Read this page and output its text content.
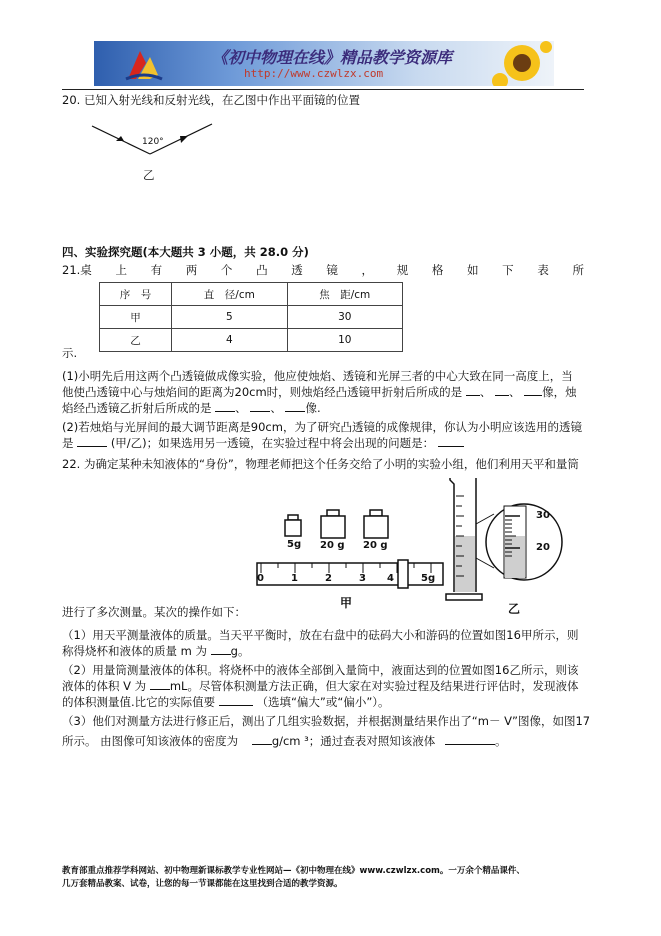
《初中物理在线》精品教学资源库
http://www.czwlzx.com
20. 已知入射光线和反射光线，在乙图中作出平面镜的位置
120°
乙
四、实验探究题(本大题共 3 小题，共 28.0 分)
21.桌 上 有 两 个 凸 透 镜 ， 规 格 如 下 表 所
序　号	直　径/cm	焦　距/cm
甲	5	30
乙	4	10
示.
(1)小明先后用这两个凸透镜做成像实验，他应使烛焰、透镜和光屏三者的中心大致在同一高度上，当
他使凸透镜中心与烛焰间的距离为20cm时，则烛焰经凸透镜甲折射后所成的是 、 、 像，烛
焰经凸透镜乙折射后所成的是 、 、 像.
(2)若烛焰与光屏间的最大调节距离是90cm，为了研究凸透镜的成像规律，你认为小明应该选用的透镜
是	(甲/乙)；如果选用另一透镜，在实验过程中将会出现的问题是：
22. 为确定某种未知液体的“身份”，物理老师把这个任务交给了小明的实验小组，他们利用天平和量筒
5g 20 g 20 g
0	1	2	3 4	5g
甲
30
20
乙
进行了多次测量。某次的操作如下：
（1）用天平测量液体的质量。当天平平衡时，放在右盘中的砝码大小和游码的位置如图16甲所示，则
称得烧杯和液体的质量 m 为 g。
（2）用量筒测量液体的体积。将烧杯中的液体全部倒入量筒中，液面达到的位置如图16乙所示，则该
液体的体积 V 为 mL。尽管体积测量方法正确，但大家在对实验过程及结果进行评估时，发现液体
的体积测量值.比它的实际值要	（选填“偏大”或“偏小”）。
（3）他们对测量方法进行修正后，测出了几组实验数据，并根据测量结果作出了“m－ V”图像，如图17
所示。 由图像可知该液体的密度为	g/cm ³；通过查表对照知该液体	。
教育部重点推荐学科网站、初中物理新课标教学专业性网站—《初中物理在线》www.czwlzx.com。一万余个精品课件、
几万套精品教案、试卷，让您的每一节课都能在这里找到合适的教学资源。
